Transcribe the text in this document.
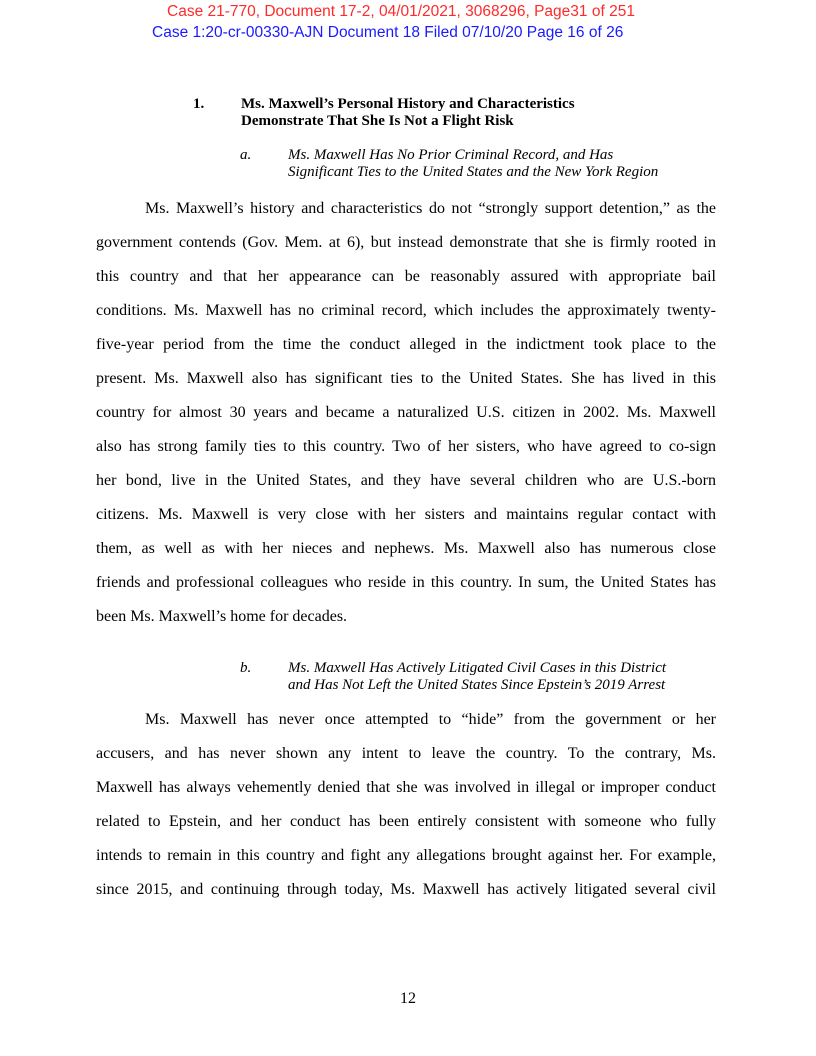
Case 21-770, Document 17-2, 04/01/2021, 3068296, Page31 of 251
Case 1:20-cr-00330-AJN Document 18 Filed 07/10/20 Page 16 of 26
1. Ms. Maxwell’s Personal History and Characteristics
Demonstrate That She Is Not a Flight Risk
a. Ms. Maxwell Has No Prior Criminal Record, and Has
Significant Ties to the United States and the New York Region
Ms. Maxwell’s history and characteristics do not “strongly support detention,” as the
government contends (Gov. Mem. at 6), but instead demonstrate that she is firmly rooted in
this country and that her appearance can be reasonably assured with appropriate bail
conditions. Ms. Maxwell has no criminal record, which includes the approximately twenty-
five-year period from the time the conduct alleged in the indictment took place to the
present. Ms. Maxwell also has significant ties to the United States. She has lived in this
country for almost 30 years and became a naturalized U.S. citizen in 2002. Ms. Maxwell
also has strong family ties to this country. Two of her sisters, who have agreed to co-sign
her bond, live in the United States, and they have several children who are U.S.-born
citizens. Ms. Maxwell is very close with her sisters and maintains regular contact with
them, as well as with her nieces and nephews. Ms. Maxwell also has numerous close
friends and professional colleagues who reside in this country. In sum, the United States has
been Ms. Maxwell’s home for decades.
b. Ms. Maxwell Has Actively Litigated Civil Cases in this District
and Has Not Left the United States Since Epstein’s 2019 Arrest
Ms. Maxwell has never once attempted to “hide” from the government or her
accusers, and has never shown any intent to leave the country. To the contrary, Ms.
Maxwell has always vehemently denied that she was involved in illegal or improper conduct
related to Epstein, and her conduct has been entirely consistent with someone who fully
intends to remain in this country and fight any allegations brought against her. For example,
since 2015, and continuing through today, Ms. Maxwell has actively litigated several civil
12
